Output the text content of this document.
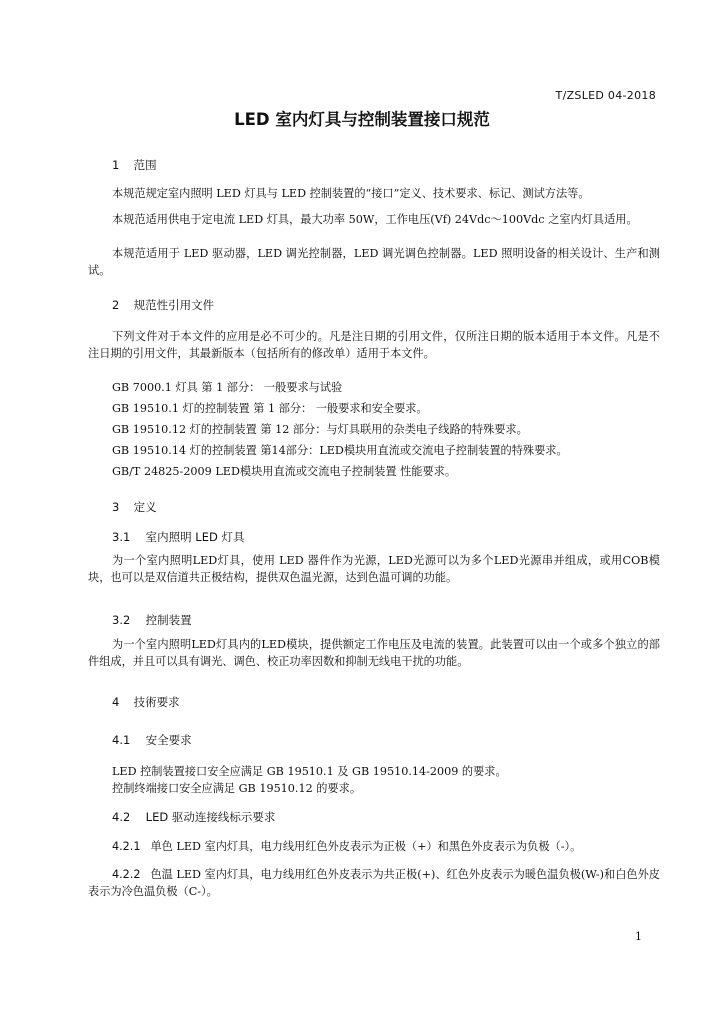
T/ZSLED 04-2018
LED 室内灯具与控制装置接口规范
1 范围

本规范规定室内照明 LED 灯具与 LED 控制装置的“接口”定义、技术要求、标记、测试方法等。

本规范适用供电于定电流 LED 灯具，最大功率 50W，工作电压(Vf) 24Vdc～100Vdc 之室内灯具适用。

本规范适用于 LED 驱动器，LED 调光控制器，LED 调光调色控制器。LED 照明设备的相关设计、生产和测试。

2 规范性引用文件

下列文件对于本文件的应用是必不可少的。凡是注日期的引用文件，仅所注日期的版本适用于本文件。凡是不注日期的引用文件，其最新版本（包括所有的修改单）适用于本文件。

GB 7000.1 灯具 第 1 部分： 一般要求与试验
GB 19510.1 灯的控制装置 第 1 部分： 一般要求和安全要求。
GB 19510.12 灯的控制装置 第 12 部分：与灯具联用的杂类电子线路的特殊要求。
GB 19510.14 灯的控制装置 第14部分：LED模块用直流或交流电子控制装置的特殊要求。
GB/T 24825-2009 LED模块用直流或交流电子控制装置 性能要求。
3 定义
3.1 室内照明 LED 灯具

为一个室内照明LED灯具，使用 LED 器件作为光源，LED光源可以为多个LED光源串并组成，或用COB模块，也可以是双信道共正极结构，提供双色温光源，达到色温可调的功能。

3.2 控制装置

为一个室内照明LED灯具内的LED模块，提供额定工作电压及电流的装置。此装置可以由一个或多个独立的部件组成，并且可以具有调光、调色、校正功率因数和抑制无线电干扰的功能。

4 技術要求
4.1 安全要求
LED 控制装置接口安全应满足 GB 19510.1 及 GB 19510.14-2009 的要求。
控制终端接口安全应满足 GB 19510.12 的要求。
4.2 LED 驱动连接线标示要求

4.2.1 单色 LED 室内灯具，电力线用红色外皮表示为正极（+）和黑色外皮表示为负极（-）。

4.2.2 色温 LED 室内灯具，电力线用红色外皮表示为共正极(+)、红色外皮表示为暖色温负极(W-)和白色外皮表示为冷色温负极（C-）。

1
